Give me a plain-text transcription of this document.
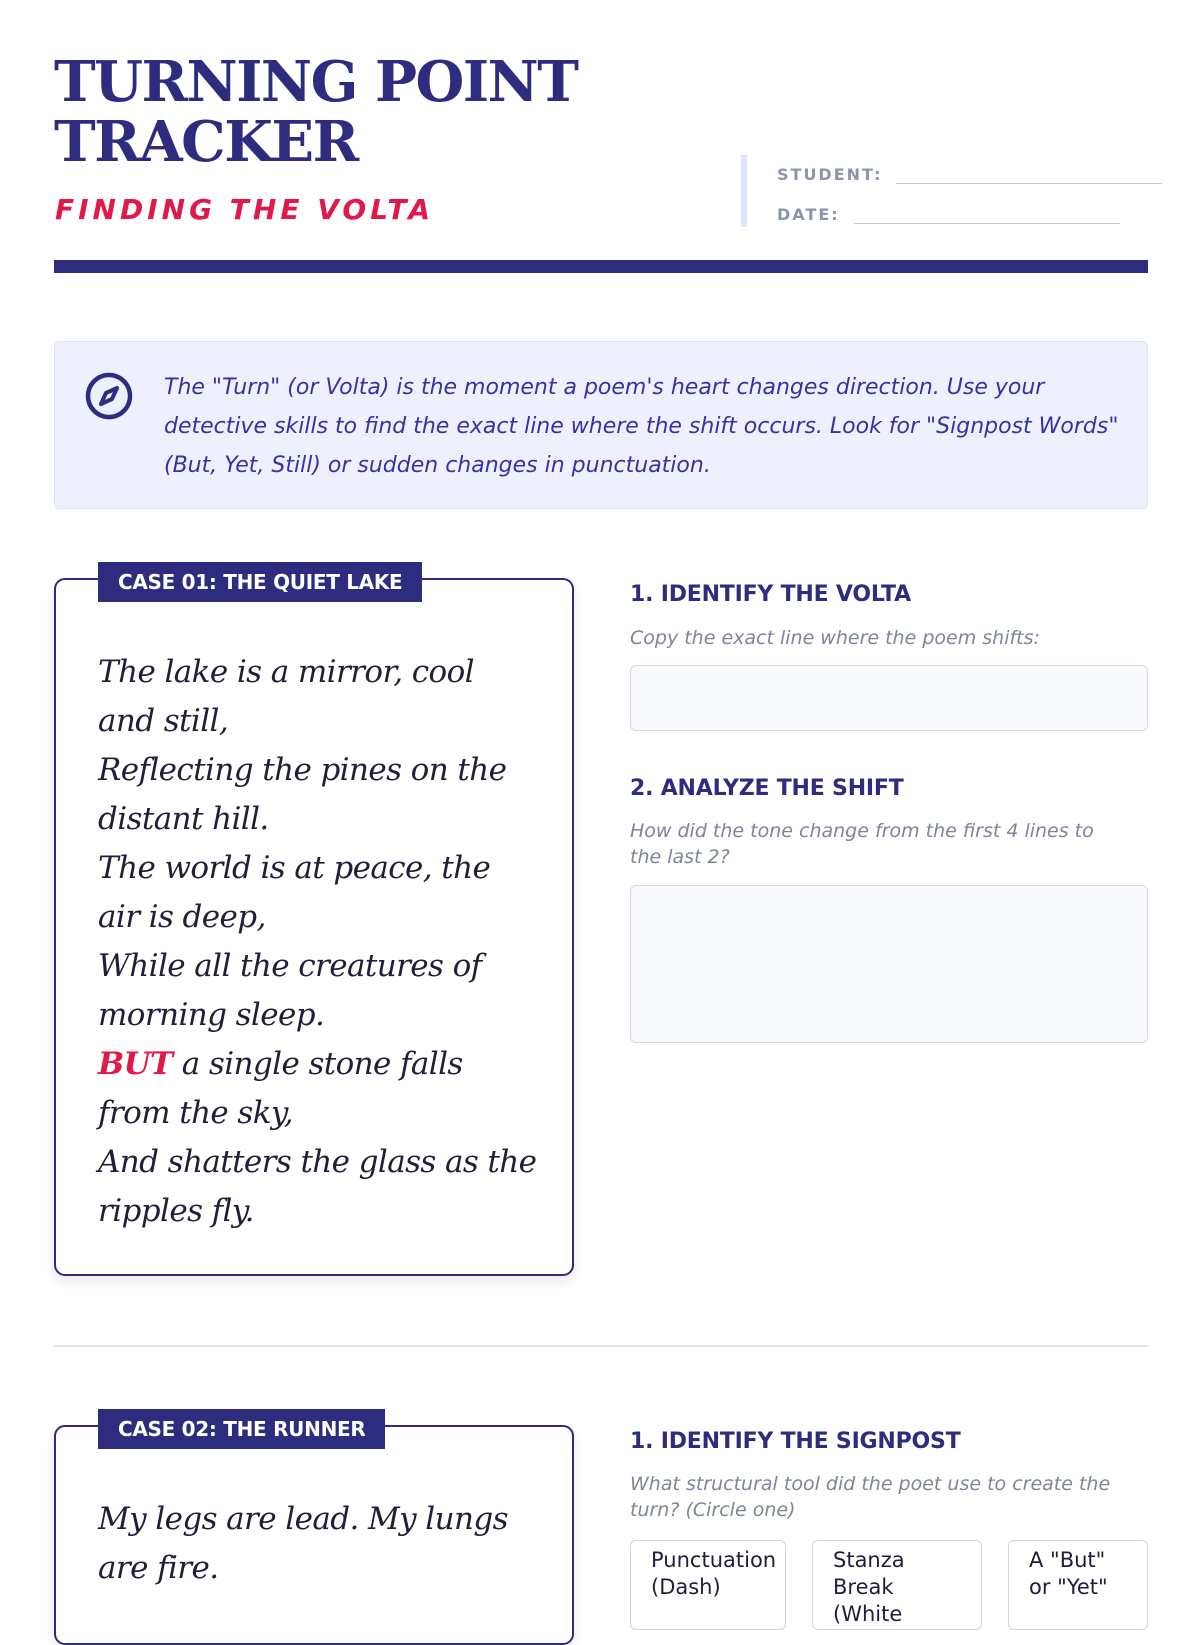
TURNING POINT TRACKER
FINDING THE VOLTA
STUDENT:
DATE:
The "Turn" (or Volta) is the moment a poem's heart changes direction. Use your detective skills to find the exact line where the shift occurs. Look for "Signpost Words" (But, Yet, Still) or sudden changes in punctuation.
CASE 01: THE QUIET LAKE
The lake is a mirror, cool and still,
Reflecting the pines on the distant hill.
The world is at peace, the air is deep,
While all the creatures of morning sleep.
BUT a single stone falls from the sky,
And shatters the glass as the ripples fly.
1. IDENTIFY THE VOLTA
Copy the exact line where the poem shifts:
2. ANALYZE THE SHIFT
How did the tone change from the first 4 lines to the last 2?
CASE 02: THE RUNNER
My legs are lead. My lungs are fire.
1. IDENTIFY THE SIGNPOST
What structural tool did the poet use to create the turn? (Circle one)
Punctuation (Dash)
Stanza Break (White
A "But" or "Yet"
